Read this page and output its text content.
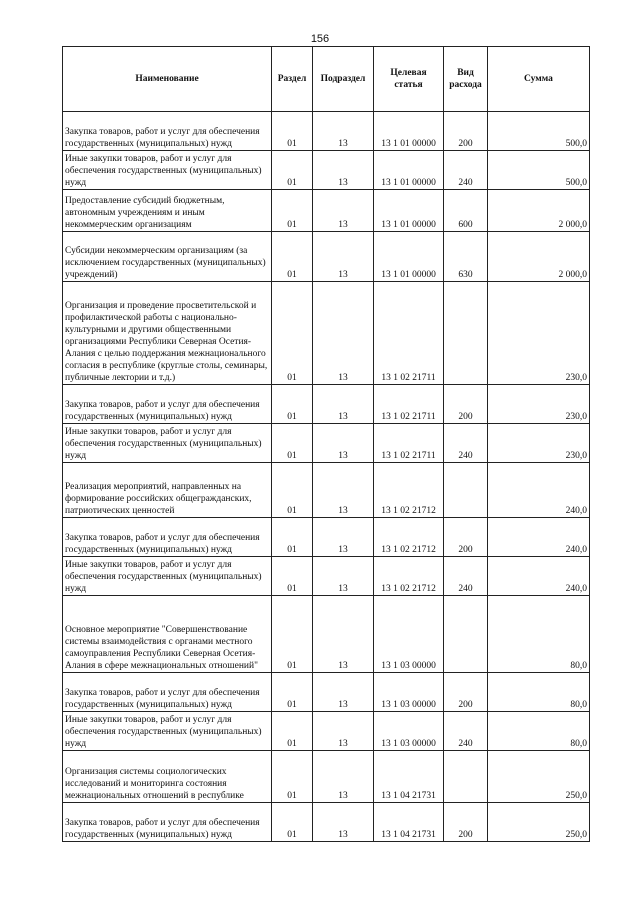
156
Наименование	Раздел	Подраздел	Целевая статья	Вид расхода	Сумма
Закупка товаров, работ и услуг для обеспечения государственных (муниципальных) нужд	01	13	13 1 01 00000	200	500,0
Иные закупки товаров, работ и услуг для обеспечения государственных (муниципальных) нужд	01	13	13 1 01 00000	240	500,0
Предоставление субсидий бюджетным, автономным учреждениям и иным некоммерческим организациям	01	13	13 1 01 00000	600	2 000,0
Субсидии некоммерческим организациям (за исключением государственных (муниципальных) учреждений)	01	13	13 1 01 00000	630	2 000,0
Организация и проведение просветительской и профилактической работы с национально-культурными и другими общественными организациями Республики Северная Осетия-Алания с целью поддержания межнационального согласия в республике (круглые столы, семинары, публичные лектории и т.д.)	01	13	13 1 02 21711		230,0
Закупка товаров, работ и услуг для обеспечения государственных (муниципальных) нужд	01	13	13 1 02 21711	200	230,0
Иные закупки товаров, работ и услуг для обеспечения государственных (муниципальных) нужд	01	13	13 1 02 21711	240	230,0
Реализация мероприятий, направленных на формирование российских общегражданских, патриотических ценностей	01	13	13 1 02 21712		240,0
Закупка товаров, работ и услуг для обеспечения государственных (муниципальных) нужд	01	13	13 1 02 21712	200	240,0
Иные закупки товаров, работ и услуг для обеспечения государственных (муниципальных) нужд	01	13	13 1 02 21712	240	240,0
Основное мероприятие "Совершенствование системы взаимодействия с органами местного самоуправления Республики Северная Осетия-Алания в сфере межнациональных отношений"	01	13	13 1 03 00000		80,0
Закупка товаров, работ и услуг для обеспечения государственных (муниципальных) нужд	01	13	13 1 03 00000	200	80,0
Иные закупки товаров, работ и услуг для обеспечения государственных (муниципальных) нужд	01	13	13 1 03 00000	240	80,0
Организация системы социологических исследований и мониторинга состояния межнациональных отношений в республике	01	13	13 1 04 21731		250,0
Закупка товаров, работ и услуг для обеспечения государственных (муниципальных) нужд	01	13	13 1 04 21731	200	250,0
